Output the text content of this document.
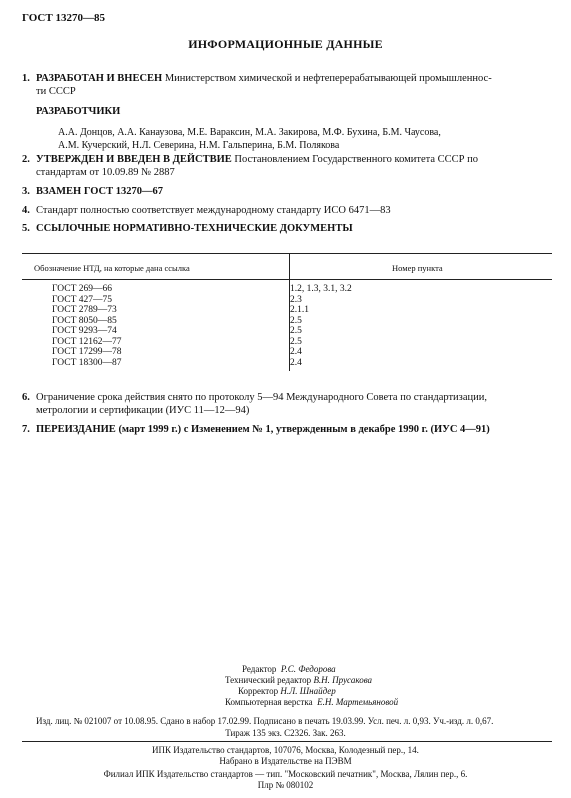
ГОСТ 13270—85
ИНФОРМАЦИОННЫЕ ДАННЫЕ
1. РАЗРАБОТАН И ВНЕСЕН Министерством химической и нефтеперерабатывающей промышленнос-
ти СССР
РАЗРАБОТЧИКИ
А.А. Донцов, А.А. Канаузова, М.Е. Вараксин, М.А. Закирова, М.Ф. Бухина, Б.М. Чаусова,
А.М. Кучерский, Н.Л. Северина, Н.М. Гальперина, Б.М. Полякова
2. УТВЕРЖДЕН И ВВЕДЕН В ДЕЙСТВИЕ Постановлением Государственного комитета СССР по
стандартам от 10.09.89 № 2887
3. ВЗАМЕН ГОСТ 13270—67
4. Стандарт полностью соответствует международному стандарту ИСО 6471—83
5. ССЫЛОЧНЫЕ НОРМАТИВНО-ТЕХНИЧЕСКИЕ ДОКУМЕНТЫ
Обозначение НТД, на которые дана ссылка	Номер пункта
ГОСТ 269—66	1.2, 1.3, 3.1, 3.2
ГОСТ 427—75	2.3
ГОСТ 2789—73	2.1.1
ГОСТ 8050—85	2.5
ГОСТ 9293—74	2.5
ГОСТ 12162—77	2.5
ГОСТ 17299—78	2.4
ГОСТ 18300—87	2.4
6. Ограничение срока действия снято по протоколу 5—94 Международного Совета по стандартизации,
метрологии и сертификации (ИУС 11—12—94)
7. ПЕРЕИЗДАНИЕ (март 1999 г.) с Изменением № 1, утвержденным в декабре 1990 г. (ИУС 4—91)
Редактор Р.С. Федорова
Технический редактор В.Н. Прусакова
Корректор Н.Л. Шнайдер
Компьютерная верстка Е.Н. Мартемьяновой
Изд. лиц. № 021007 от 10.08.95. Сдано в набор 17.02.99. Подписано в печать 19.03.99. Усл. печ. л. 0,93. Уч.-изд. л. 0,67.
Тираж 135 экз. С2326. Зак. 263.
ИПК Издательство стандартов, 107076, Москва, Колодезный пер., 14.
Набрано в Издательстве на ПЭВМ
Филиал ИПК Издательство стандартов — тип. "Московский печатник", Москва, Лялин пер., 6.
Плр № 080102
